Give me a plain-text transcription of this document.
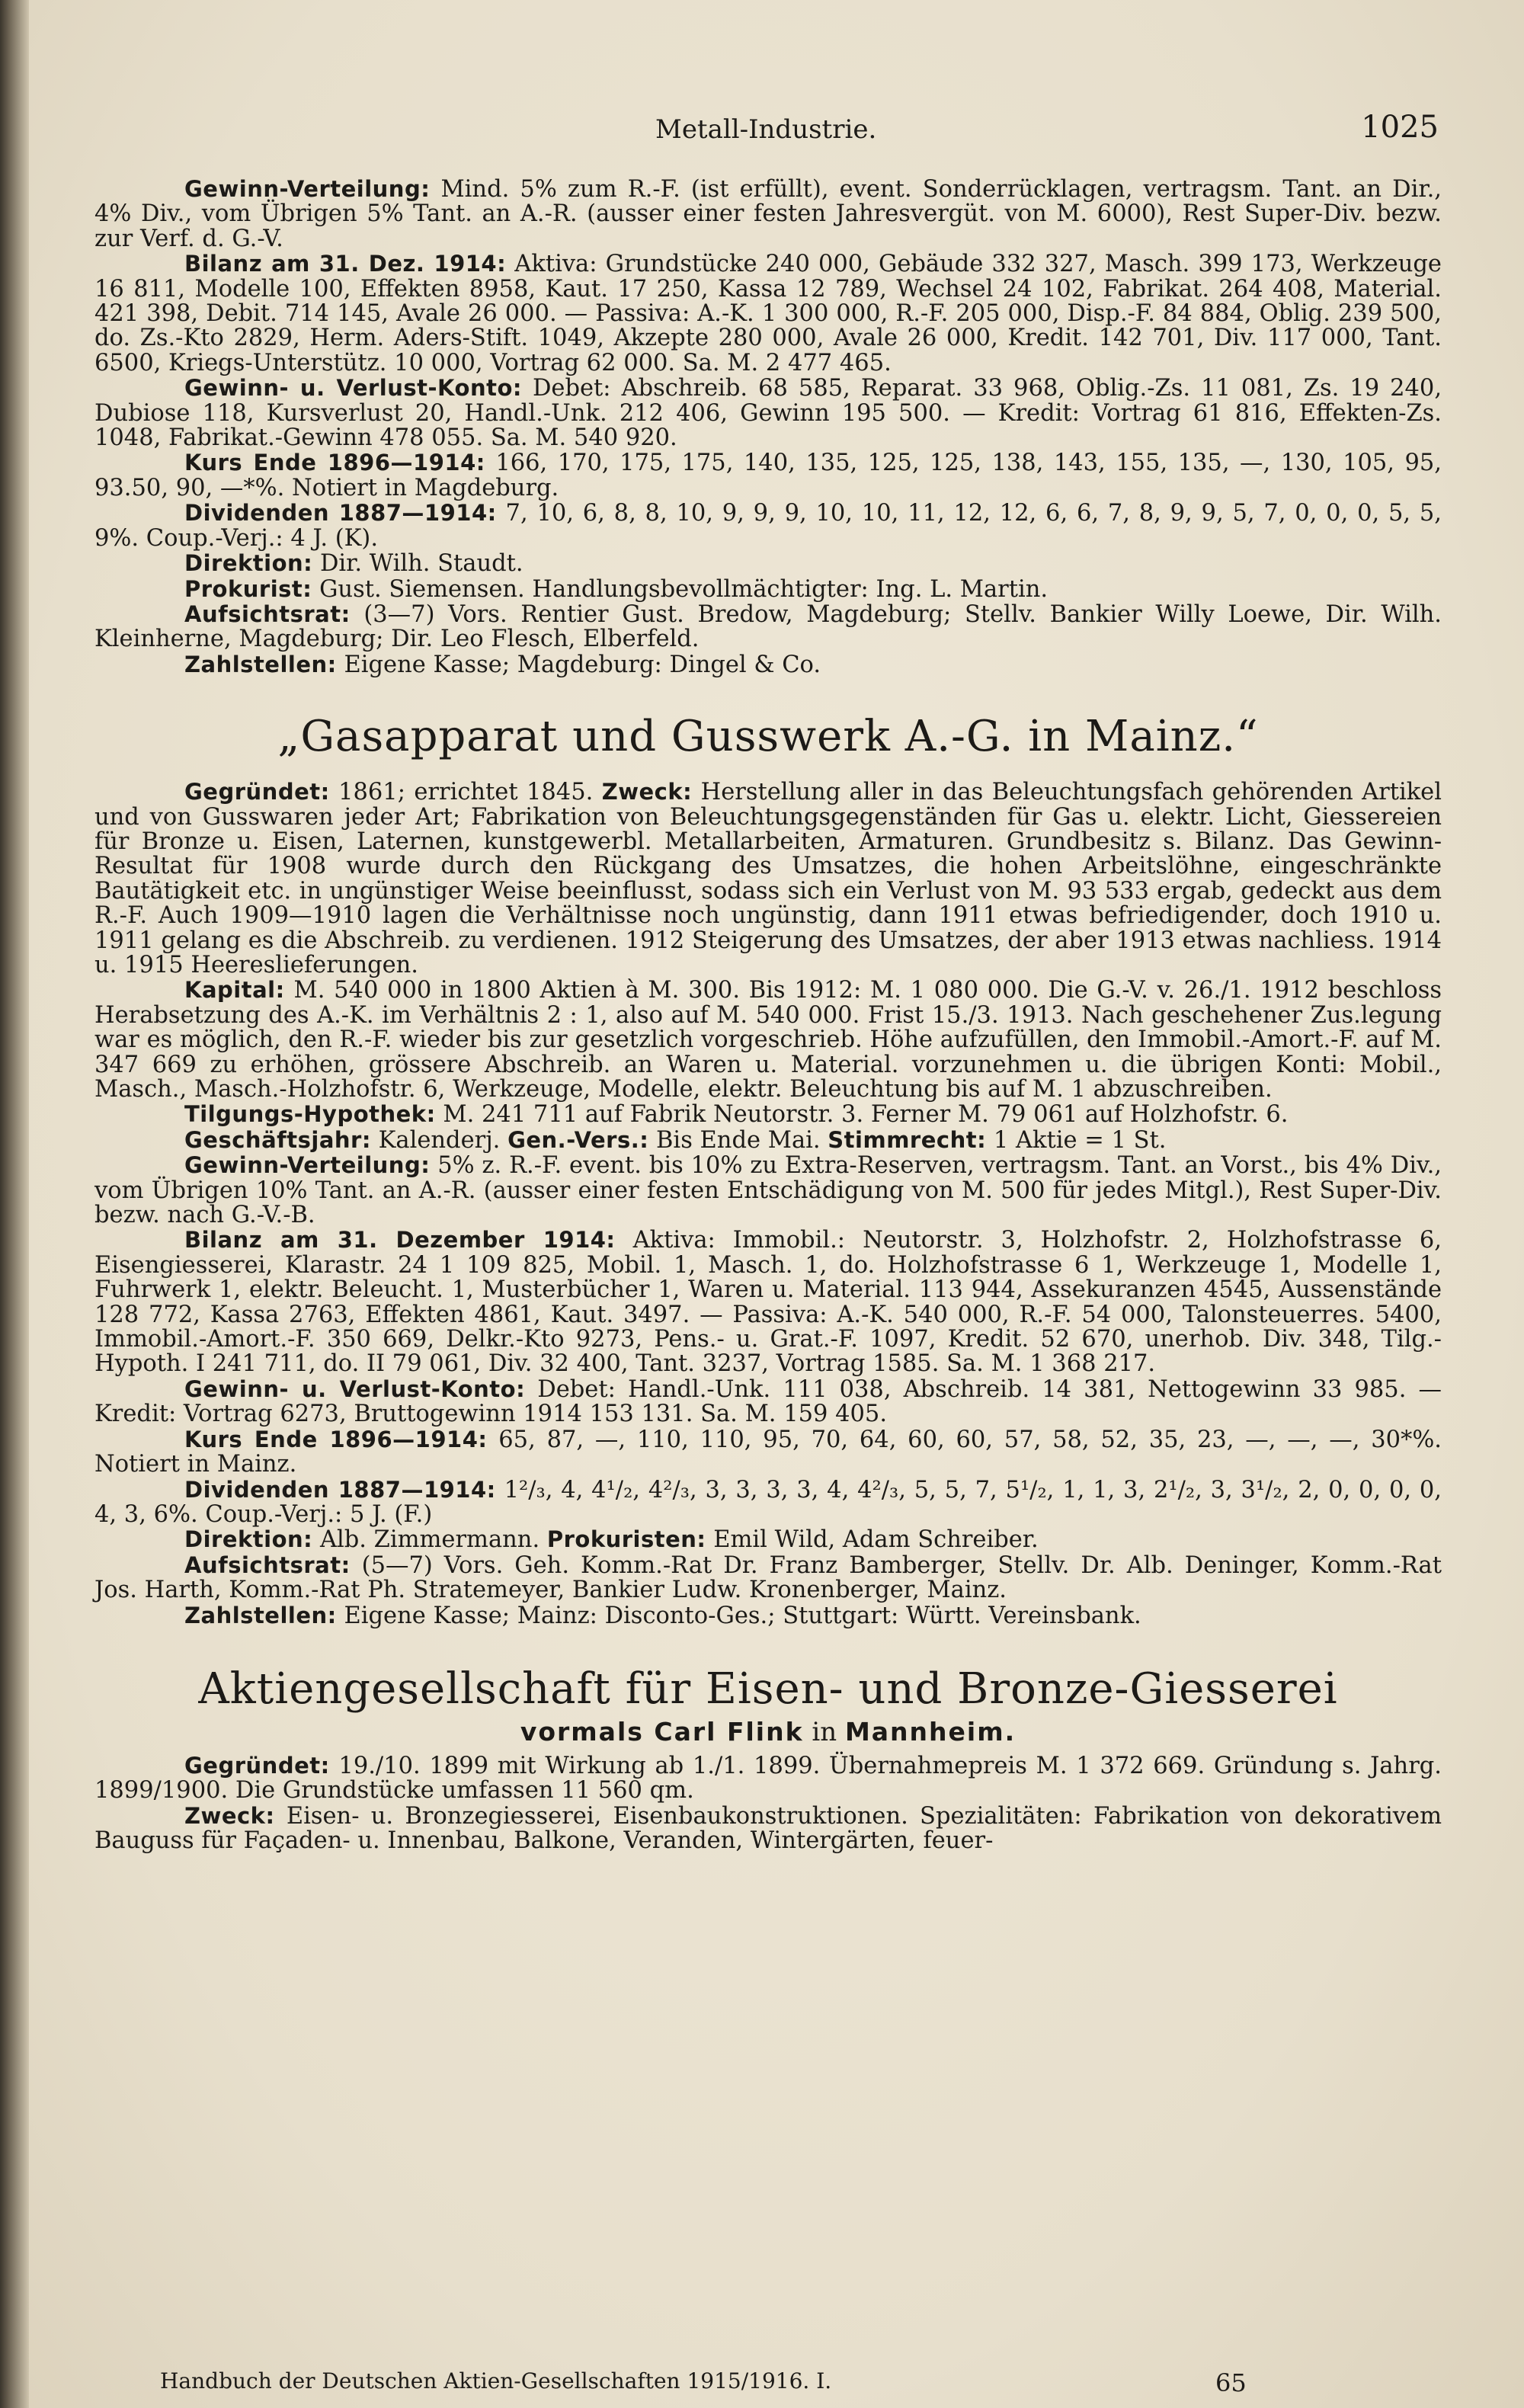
Metall-Industrie.	1025

Gewinn-Verteilung: Mind. 5% zum R.-F. (ist erfüllt), event. Sonderrücklagen, vertragsm. Tant. an Dir., 4% Div., vom Übrigen 5% Tant. an A.-R. (ausser einer festen Jahresvergüt. von M. 6000), Rest Super-Div. bezw. zur Verf. d. G.-V.

Bilanz am 31. Dez. 1914: Aktiva: Grundstücke 240 000, Gebäude 332 327, Masch. 399 173, Werkzeuge 16 811, Modelle 100, Effekten 8958, Kaut. 17 250, Kassa 12 789, Wechsel 24 102, Fabrikat. 264 408, Material. 421 398, Debit. 714 145, Avale 26 000. — Passiva: A.-K. 1 300 000, R.-F. 205 000, Disp.-F. 84 884, Oblig. 239 500, do. Zs.-Kto 2829, Herm. Aders-Stift. 1049, Akzepte 280 000, Avale 26 000, Kredit. 142 701, Div. 117 000, Tant. 6500, Kriegs-Unterstütz. 10 000, Vortrag 62 000. Sa. M. 2 477 465.

Gewinn- u. Verlust-Konto: Debet: Abschreib. 68 585, Reparat. 33 968, Oblig.-Zs. 11 081, Zs. 19 240, Dubiose 118, Kursverlust 20, Handl.-Unk. 212 406, Gewinn 195 500. — Kredit: Vortrag 61 816, Effekten-Zs. 1048, Fabrikat.-Gewinn 478 055. Sa. M. 540 920.

Kurs Ende 1896—1914: 166, 170, 175, 175, 140, 135, 125, 125, 138, 143, 155, 135, —, 130, 105, 95, 93.50, 90, —*%. Notiert in Magdeburg.

Dividenden 1887—1914: 7, 10, 6, 8, 8, 10, 9, 9, 9, 10, 10, 11, 12, 12, 6, 6, 7, 8, 9, 9, 5, 7, 0, 0, 0, 5, 5, 9%. Coup.-Verj.: 4 J. (K).

Direktion: Dir. Wilh. Staudt.

Prokurist: Gust. Siemensen. Handlungsbevollmächtigter: Ing. L. Martin.

Aufsichtsrat: (3—7) Vors. Rentier Gust. Bredow, Magdeburg; Stellv. Bankier Willy Loewe, Dir. Wilh. Kleinherne, Magdeburg; Dir. Leo Flesch, Elberfeld.

Zahlstellen: Eigene Kasse; Magdeburg: Dingel & Co.

„Gasapparat und Gusswerk A.-G. in Mainz.“

Gegründet: 1861; errichtet 1845. Zweck: Herstellung aller in das Beleuchtungsfach gehörenden Artikel und von Gusswaren jeder Art; Fabrikation von Beleuchtungsgegenständen für Gas u. elektr. Licht, Giessereien für Bronze u. Eisen, Laternen, kunstgewerbl. Metallarbeiten, Armaturen. Grundbesitz s. Bilanz. Das Gewinn-Resultat für 1908 wurde durch den Rückgang des Umsatzes, die hohen Arbeitslöhne, eingeschränkte Bautätigkeit etc. in ungünstiger Weise beeinflusst, sodass sich ein Verlust von M. 93 533 ergab, gedeckt aus dem R.-F. Auch 1909—1910 lagen die Verhältnisse noch ungünstig, dann 1911 etwas befriedigender, doch 1910 u. 1911 gelang es die Abschreib. zu verdienen. 1912 Steigerung des Umsatzes, der aber 1913 etwas nachliess. 1914 u. 1915 Heereslieferungen.

Kapital: M. 540 000 in 1800 Aktien à M. 300. Bis 1912: M. 1 080 000. Die G.-V. v. 26./1. 1912 beschloss Herabsetzung des A.-K. im Verhältnis 2 : 1, also auf M. 540 000. Frist 15./3. 1913. Nach geschehener Zus.legung war es möglich, den R.-F. wieder bis zur gesetzlich vorgeschrieb. Höhe aufzufüllen, den Immobil.-Amort.-F. auf M. 347 669 zu erhöhen, grössere Abschreib. an Waren u. Material. vorzunehmen u. die übrigen Konti: Mobil., Masch., Masch.-Holzhofstr. 6, Werkzeuge, Modelle, elektr. Beleuchtung bis auf M. 1 abzuschreiben.

Tilgungs-Hypothek: M. 241 711 auf Fabrik Neutorstr. 3. Ferner M. 79 061 auf Holzhofstr. 6.

Geschäftsjahr: Kalenderj. Gen.-Vers.: Bis Ende Mai. Stimmrecht: 1 Aktie = 1 St.

Gewinn-Verteilung: 5% z. R.-F. event. bis 10% zu Extra-Reserven, vertragsm. Tant. an Vorst., bis 4% Div., vom Übrigen 10% Tant. an A.-R. (ausser einer festen Entschädigung von M. 500 für jedes Mitgl.), Rest Super-Div. bezw. nach G.-V.-B.

Bilanz am 31. Dezember 1914: Aktiva: Immobil.: Neutorstr. 3, Holzhofstr. 2, Holzhofstrasse 6, Eisengiesserei, Klarastr. 24 1 109 825, Mobil. 1, Masch. 1, do. Holzhofstrasse 6 1, Werkzeuge 1, Modelle 1, Fuhrwerk 1, elektr. Beleucht. 1, Musterbücher 1, Waren u. Material. 113 944, Assekuranzen 4545, Aussenstände 128 772, Kassa 2763, Effekten 4861, Kaut. 3497. — Passiva: A.-K. 540 000, R.-F. 54 000, Talonsteuerres. 5400, Immobil.-Amort.-F. 350 669, Delkr.-Kto 9273, Pens.- u. Grat.-F. 1097, Kredit. 52 670, unerhob. Div. 348, Tilg.-Hypoth. I 241 711, do. II 79 061, Div. 32 400, Tant. 3237, Vortrag 1585. Sa. M. 1 368 217.

Gewinn- u. Verlust-Konto: Debet: Handl.-Unk. 111 038, Abschreib. 14 381, Nettogewinn 33 985. — Kredit: Vortrag 6273, Bruttogewinn 1914 153 131. Sa. M. 159 405.

Kurs Ende 1896—1914: 65, 87, —, 110, 110, 95, 70, 64, 60, 60, 57, 58, 52, 35, 23, —, —, —, 30*%. Notiert in Mainz.

Dividenden 1887—1914: 1²/₃, 4, 4¹/₂, 4²/₃, 3, 3, 3, 3, 4, 4²/₃, 5, 5, 7, 5¹/₂, 1, 1, 3, 2¹/₂, 3, 3¹/₂, 2, 0, 0, 0, 0, 4, 3, 6%. Coup.-Verj.: 5 J. (F.)

Direktion: Alb. Zimmermann. Prokuristen: Emil Wild, Adam Schreiber.

Aufsichtsrat: (5—7) Vors. Geh. Komm.-Rat Dr. Franz Bamberger, Stellv. Dr. Alb. Deninger, Komm.-Rat Jos. Harth, Komm.-Rat Ph. Stratemeyer, Bankier Ludw. Kronenberger, Mainz.

Zahlstellen: Eigene Kasse; Mainz: Disconto-Ges.; Stuttgart: Württ. Vereinsbank.

Aktiengesellschaft für Eisen- und Bronze-Giesserei

vormals Carl Flink in Mannheim.

Gegründet: 19./10. 1899 mit Wirkung ab 1./1. 1899. Übernahmepreis M. 1 372 669. Gründung s. Jahrg. 1899/1900. Die Grundstücke umfassen 11 560 qm.

Zweck: Eisen- u. Bronzegiesserei, Eisenbaukonstruktionen. Spezialitäten: Fabrikation von dekorativem Bauguss für Façaden- u. Innenbau, Balkone, Veranden, Wintergärten, feuer-

Handbuch der Deutschen Aktien-Gesellschaften 1915/1916. I.	65
